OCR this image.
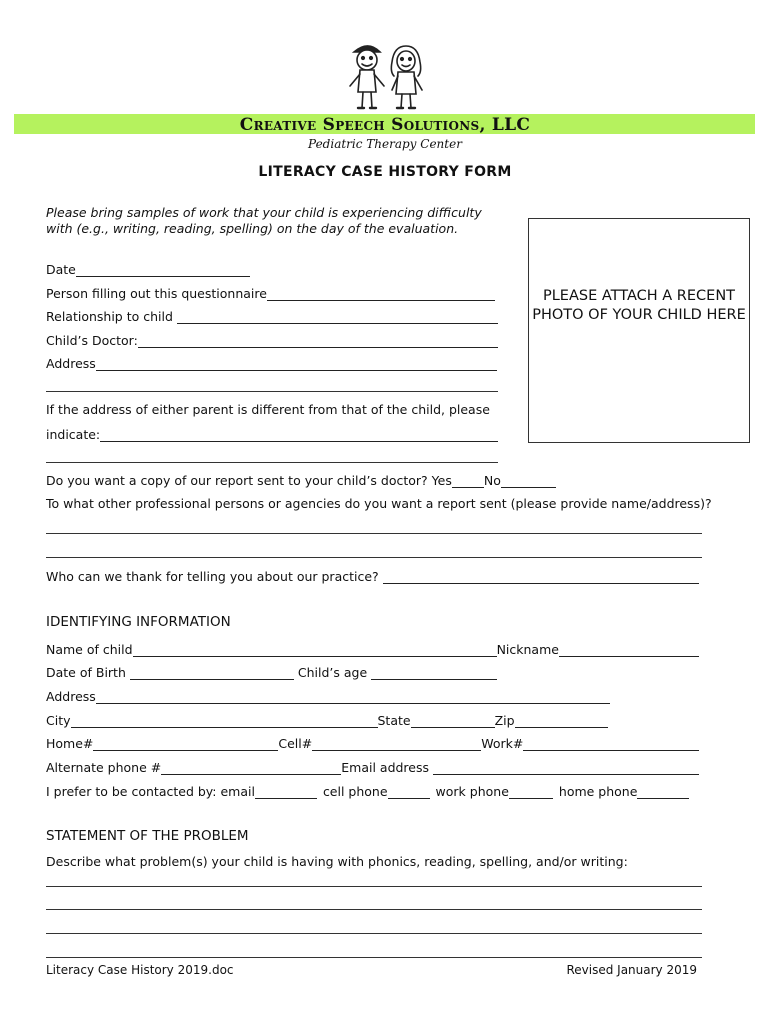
Creative Speech Solutions, LLC
Pediatric Therapy Center
LITERACY CASE HISTORY FORM
Please bring samples of work that your child is experiencing difficulty with (e.g., writing, reading, spelling) on the day of the evaluation.
PLEASE ATTACH A RECENT PHOTO OF YOUR CHILD HERE
Date
Person filling out this questionnaire
Relationship to child
Child’s Doctor:
Address
If the address of either parent is different from that of the child, please
indicate:
Do you want a copy of our report sent to your child’s doctor? Yes	No
To what other professional persons or agencies do you want a report sent (please provide name/address)?
Who can we thank for telling you about our practice?
IDENTIFYING INFORMATION
Name of child	Nickname
Date of Birth	Child’s age
Address
City	State	Zip
Home#	Cell#	Work#
Alternate phone #	Email address
I prefer to be contacted by: email	cell phone	work phone	home phone
STATEMENT OF THE PROBLEM
Describe what problem(s) your child is having with phonics, reading, spelling, and/or writing:
Literacy Case History 2019.doc	Revised January 2019
